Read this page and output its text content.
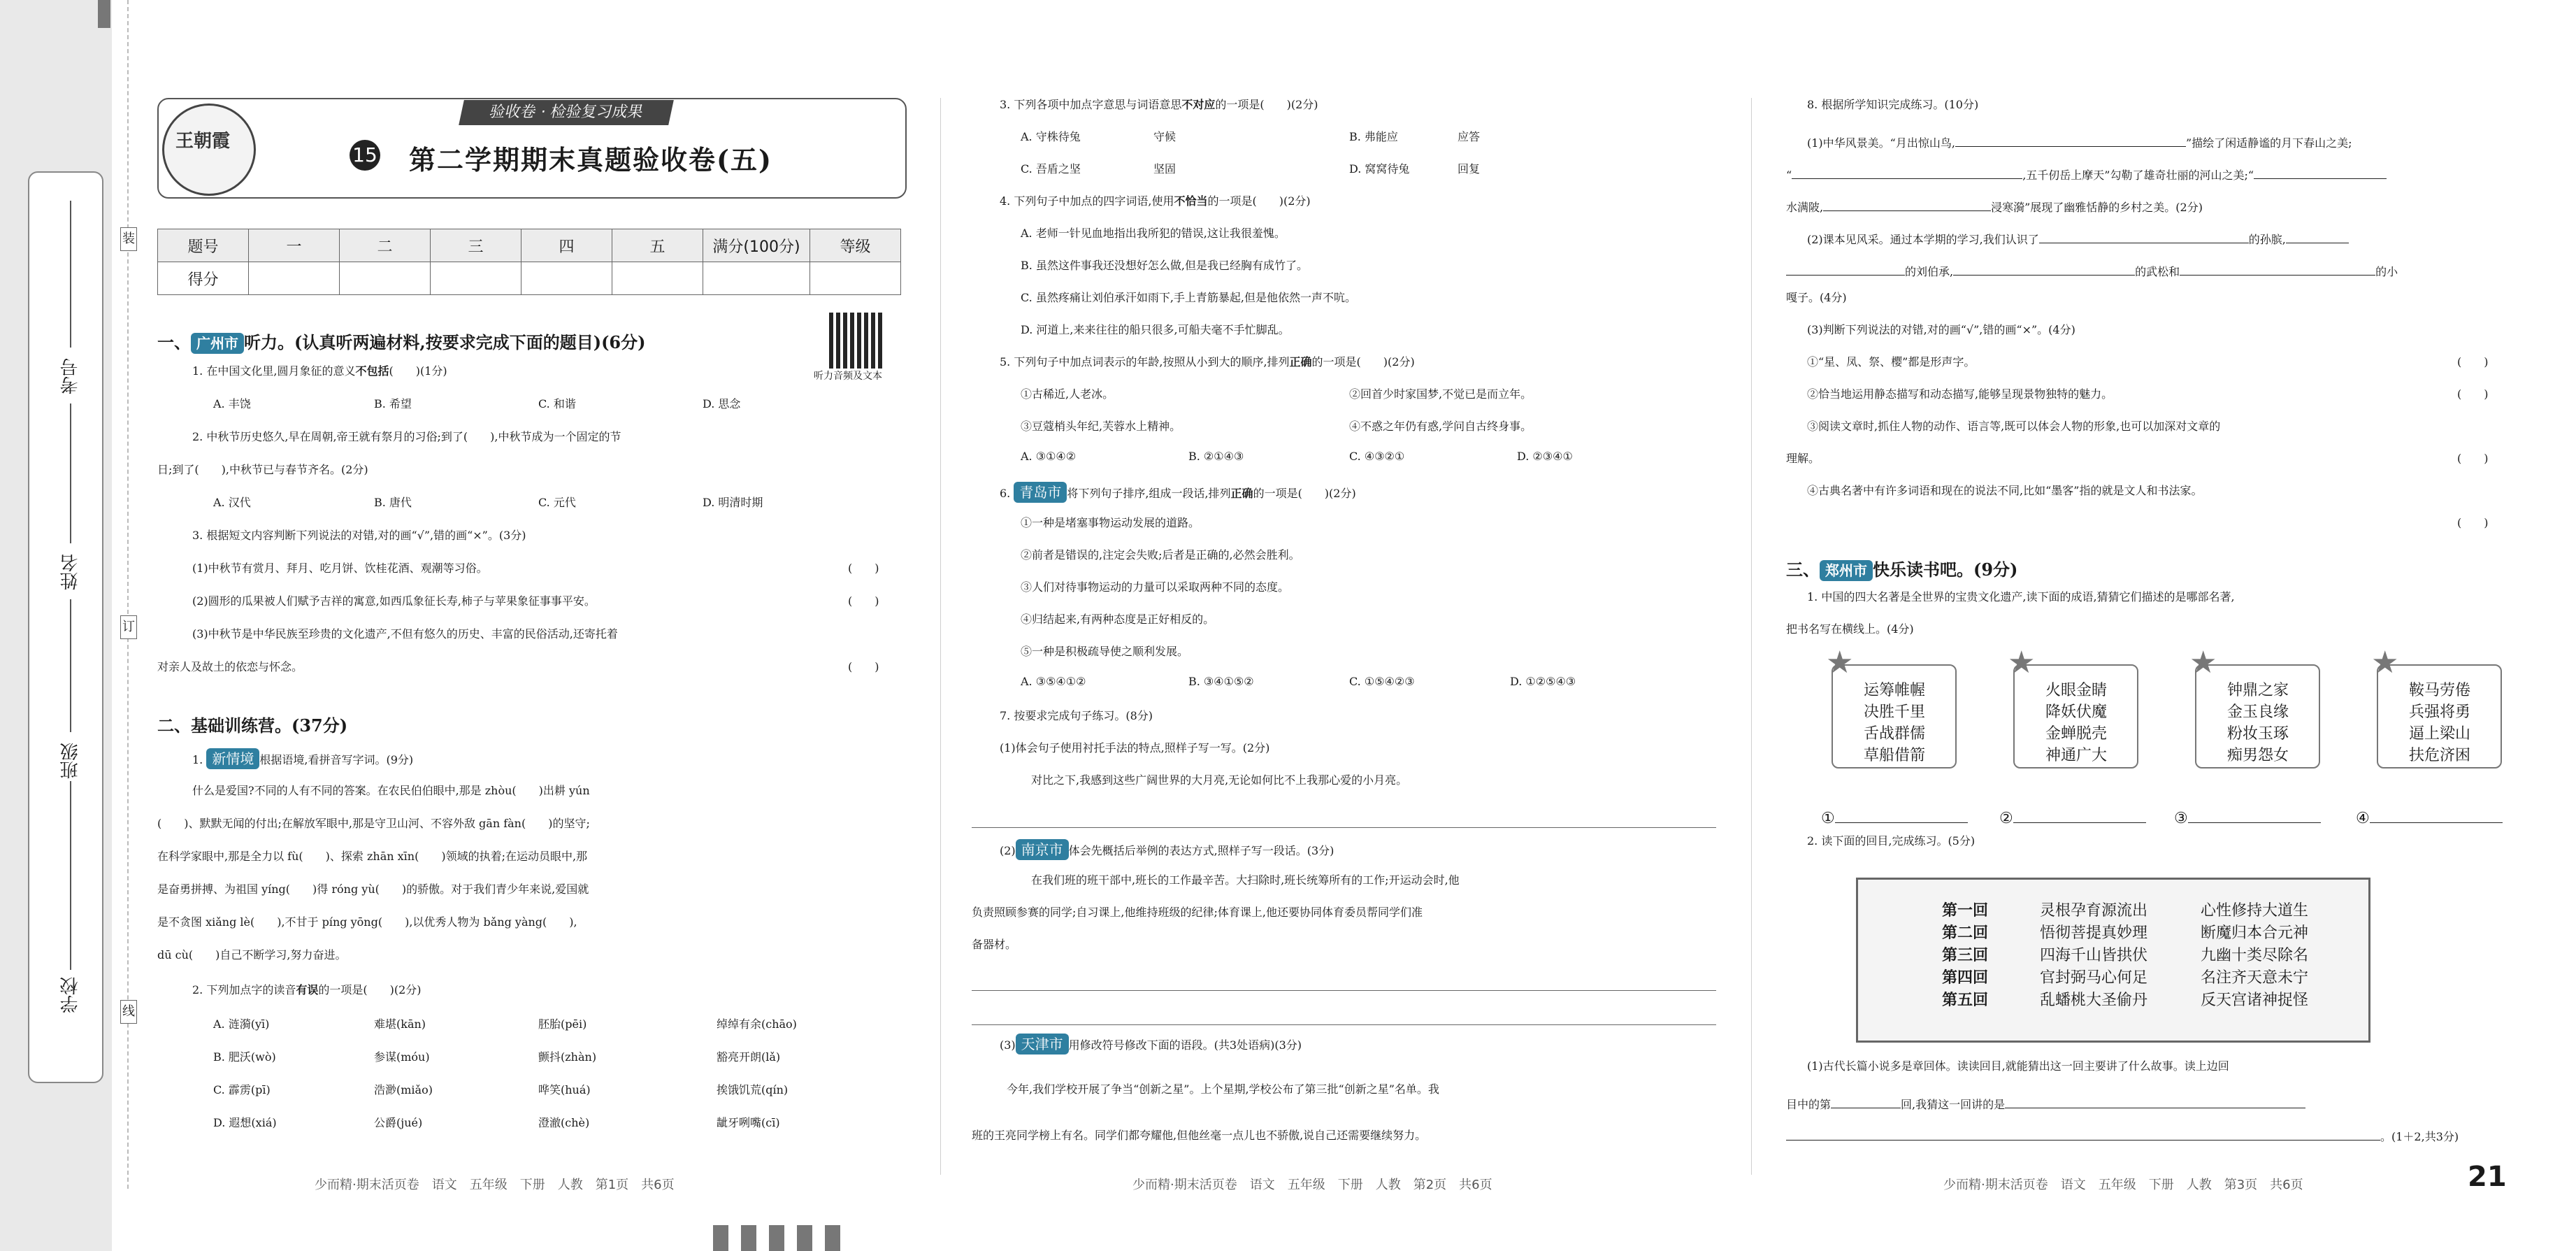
学校
班级
姓名
考号
装
订
线
王朝霞
验收卷 · 检验复习成果
15 第二学期期末真题验收卷(五)
题号	一	二	三	四	五	满分(100分)	等级
得分							
听力音频及文本
一、 广州市 听力。(认真听两遍材料,按要求完成下面的题目)(6分)
1. 在中国文化里,圆月象征的意义不包括(　　)(1分)
A. 丰饶	B. 希望	C. 和谐	D. 思念
2. 中秋节历史悠久,早在周朝,帝王就有祭月的习俗;到了(　　),中秋节成为一个固定的节
日;到了(　　),中秋节已与春节齐名。(2分)
A. 汉代	B. 唐代	C. 元代	D. 明清时期
3. 根据短文内容判断下列说法的对错,对的画“√”,错的画“×”。(3分)
(1)中秋节有赏月、拜月、吃月饼、饮桂花酒、观潮等习俗。	(　　)
(2)圆形的瓜果被人们赋予吉祥的寓意,如西瓜象征长寿,柿子与苹果象征事事平安。	(　　)
(3)中秋节是中华民族至珍贵的文化遗产,不但有悠久的历史、丰富的民俗活动,还寄托着
对亲人及故土的依恋与怀念。	(　　)
二、基础训练营。(37分)
1. 新情境 根据语境,看拼音写字词。(9分)
什么是爱国?不同的人有不同的答案。在农民伯伯眼中,那是 zhòu(　　)出耕 yún
(　　)、默默无闻的付出;在解放军眼中,那是守卫山河、不容外敌 gān fàn(　　)的坚守;
在科学家眼中,那是全力以 fù(　　)、探索 zhān xīn(　　)领域的执着;在运动员眼中,那
是奋勇拼搏、为祖国 yíng(　　)得 róng yù(　　)的骄傲。对于我们青少年来说,爱国就
是不贪图 xiǎng lè(　　),不甘于 píng yōng(　　),以优秀人物为 bǎng yàng(　　),
dū cù(　　)自己不断学习,努力奋进。
2. 下列加点字的读音有误的一项是(　　)(2分)
A. 涟漪(yī)	难堪(kān)	胚胎(pēi)	绰绰有余(chāo)
B. 肥沃(wò)	参谋(móu)	颤抖(zhàn)	豁亮开朗(lǎ)
C. 霹雳(pī)	浩渺(miǎo)	哗笑(huá)	挨饿饥荒(qín)
D. 遐想(xiá)	公爵(jué)	澄澈(chè)	龇牙咧嘴(cī)
3. 下列各项中加点字意思与词语意思不对应的一项是(　　)(2分)
A. 守株待兔	守候	B. 弗能应	应答
C. 吾盾之坚	坚固	D. 窝窝待兔	回复
4. 下列句子中加点的四字词语,使用不恰当的一项是(　　)(2分)
A. 老师一针见血地指出我所犯的错误,这让我很羞愧。
B. 虽然这件事我还没想好怎么做,但是我已经胸有成竹了。
C. 虽然疼痛让刘伯承汗如雨下,手上青筋暴起,但是他依然一声不吭。
D. 河道上,来来往往的船只很多,可船夫毫不手忙脚乱。
5. 下列句子中加点词表示的年龄,按照从小到大的顺序,排列正确的一项是(　　)(2分)
①古稀近,人老冰。	②回首少时家国梦,不觉已是而立年。
③豆蔻梢头年纪,芙蓉水上精神。	④不惑之年仍有惑,学问自古终身事。
A. ③①④②	B. ②①④③	C. ④③②①	D. ②③④①
6. 青岛市 将下列句子排序,组成一段话,排列正确的一项是(　　)(2分)
①一种是堵塞事物运动发展的道路。
②前者是错误的,注定会失败;后者是正确的,必然会胜利。
③人们对待事物运动的力量可以采取两种不同的态度。
④归结起来,有两种态度是正好相反的。
⑤一种是积极疏导使之顺利发展。
A. ③⑤④①②	B. ③④①⑤②	C. ①⑤④②③	D. ①②⑤④③
7. 按要求完成句子练习。(8分)
(1)体会句子使用衬托手法的特点,照样子写一写。(2分)
对比之下,我感到这些广阔世界的大月亮,无论如何比不上我那心爱的小月亮。
(2) 南京市 体会先概括后举例的表达方式,照样子写一段话。(3分)
在我们班的班干部中,班长的工作最辛苦。大扫除时,班长统筹所有的工作;开运动会时,他
负责照顾参赛的同学;自习课上,他维持班级的纪律;体育课上,他还要协同体育委员帮同学们准
备器材。
(3) 天津市 用修改符号修改下面的语段。(共3处语病)(3分)
今年,我们学校开展了争当“创新之星”。上个星期,学校公布了第三批“创新之星”名单。我
班的王亮同学榜上有名。同学们都夸耀他,但他丝毫一点儿也不骄傲,说自己还需要继续努力。
8. 根据所学知识完成练习。(10分)
(1)中华风景美。“月出惊山鸟,	”描绘了闲适静谧的月下春山之美;
“	,五千仞岳上摩天”勾勒了雄奇壮丽的河山之美;“
水满陂,	浸寒漪”展现了幽雅恬静的乡村之美。(2分)
(2)课本见风采。通过本学期的学习,我们认识了	的孙膑,
的刘伯承,	的武松和	的小
嘎子。(4分)
(3)判断下列说法的对错,对的画“√”,错的画“×”。(4分)
①“星、凤、祭、樱”都是形声字。	(　　)
②恰当地运用静态描写和动态描写,能够呈现景物独特的魅力。	(　　)
③阅读文章时,抓住人物的动作、语言等,既可以体会人物的形象,也可以加深对文章的
理解。	(　　)
④古典名著中有许多词语和现在的说法不同,比如“墨客”指的就是文人和书法家。
(　　)
三、 郑州市 快乐读书吧。(9分)
1. 中国的四大名著是全世界的宝贵文化遗产,读下面的成语,猜猜它们描述的是哪部名著,
把书名写在横线上。(4分)
★
运筹帷幄
决胜千里
舌战群儒
草船借箭
★
火眼金睛
降妖伏魔
金蝉脱壳
神通广大
★
钟鼎之家
金玉良缘
粉妆玉琢
痴男怨女
★
鞍马劳倦
兵强将勇
逼上梁山
扶危济困
①	②	③	④
2. 读下面的回目,完成练习。(5分)
第一回	灵根孕育源流出	心性修持大道生
第二回	悟彻菩提真妙理	断魔归本合元神
第三回	四海千山皆拱伏	九幽十类尽除名
第四回	官封弼马心何足	名注齐天意未宁
第五回	乱蟠桃大圣偷丹	反天宫诸神捉怪
(1)古代长篇小说多是章回体。读读回目,就能猜出这一回主要讲了什么故事。读上边回
目中的第	回,我猜这一回讲的是
。(1＋2,共3分)
少而精·期末活页卷　语文　五年级　下册　人教　第1页　共6页	少而精·期末活页卷　语文　五年级　下册　人教　第2页　共6页	少而精·期末活页卷　语文　五年级　下册　人教　第3页　共6页	21
